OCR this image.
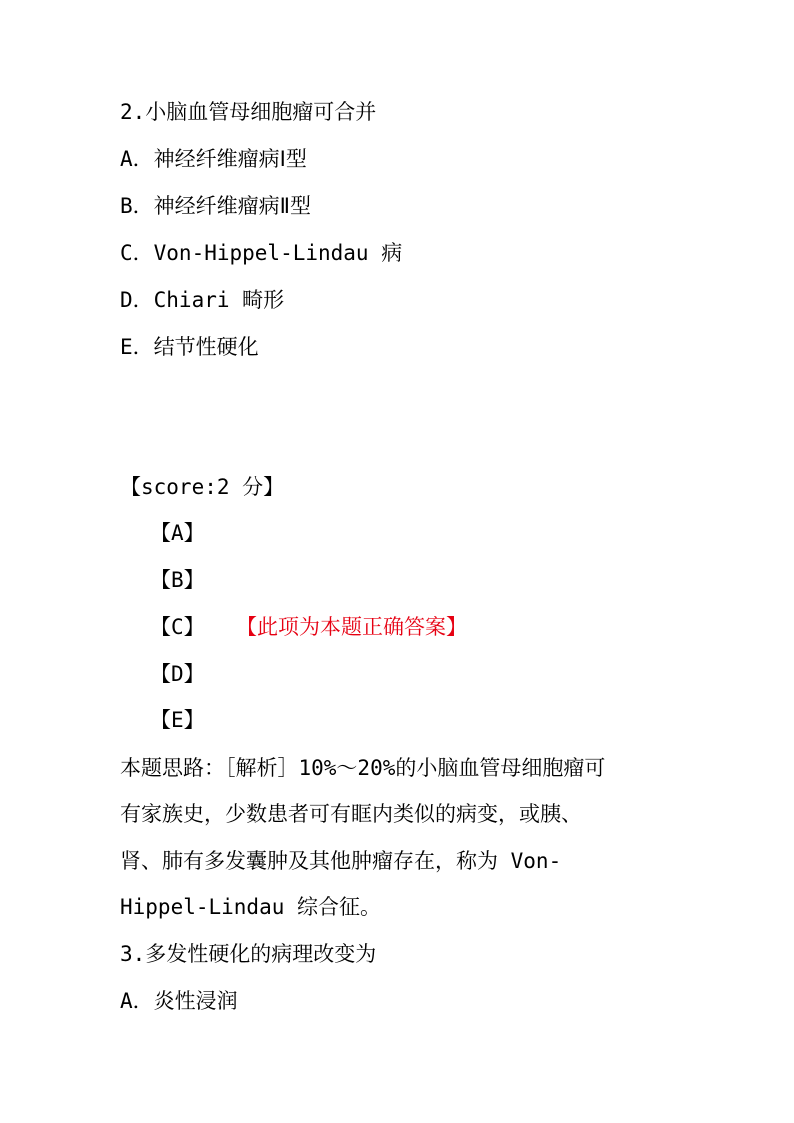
2.小脑血管母细胞瘤可合并
A．神经纤维瘤病Ⅰ型
B．神经纤维瘤病Ⅱ型
C．Von-Hippel-Lindau 病
D．Chiari 畸形
E．结节性硬化
【score:2 分】
【A】
【B】
【C】 【此项为本题正确答案】
【D】
【E】
本题思路：［解析］10%～20%的小脑血管母细胞瘤可
有家族史，少数患者可有眶内类似的病变，或胰、
肾、肺有多发囊肿及其他肿瘤存在，称为 Von-
Hippel-Lindau 综合征。
3.多发性硬化的病理改变为
A．炎性浸润
